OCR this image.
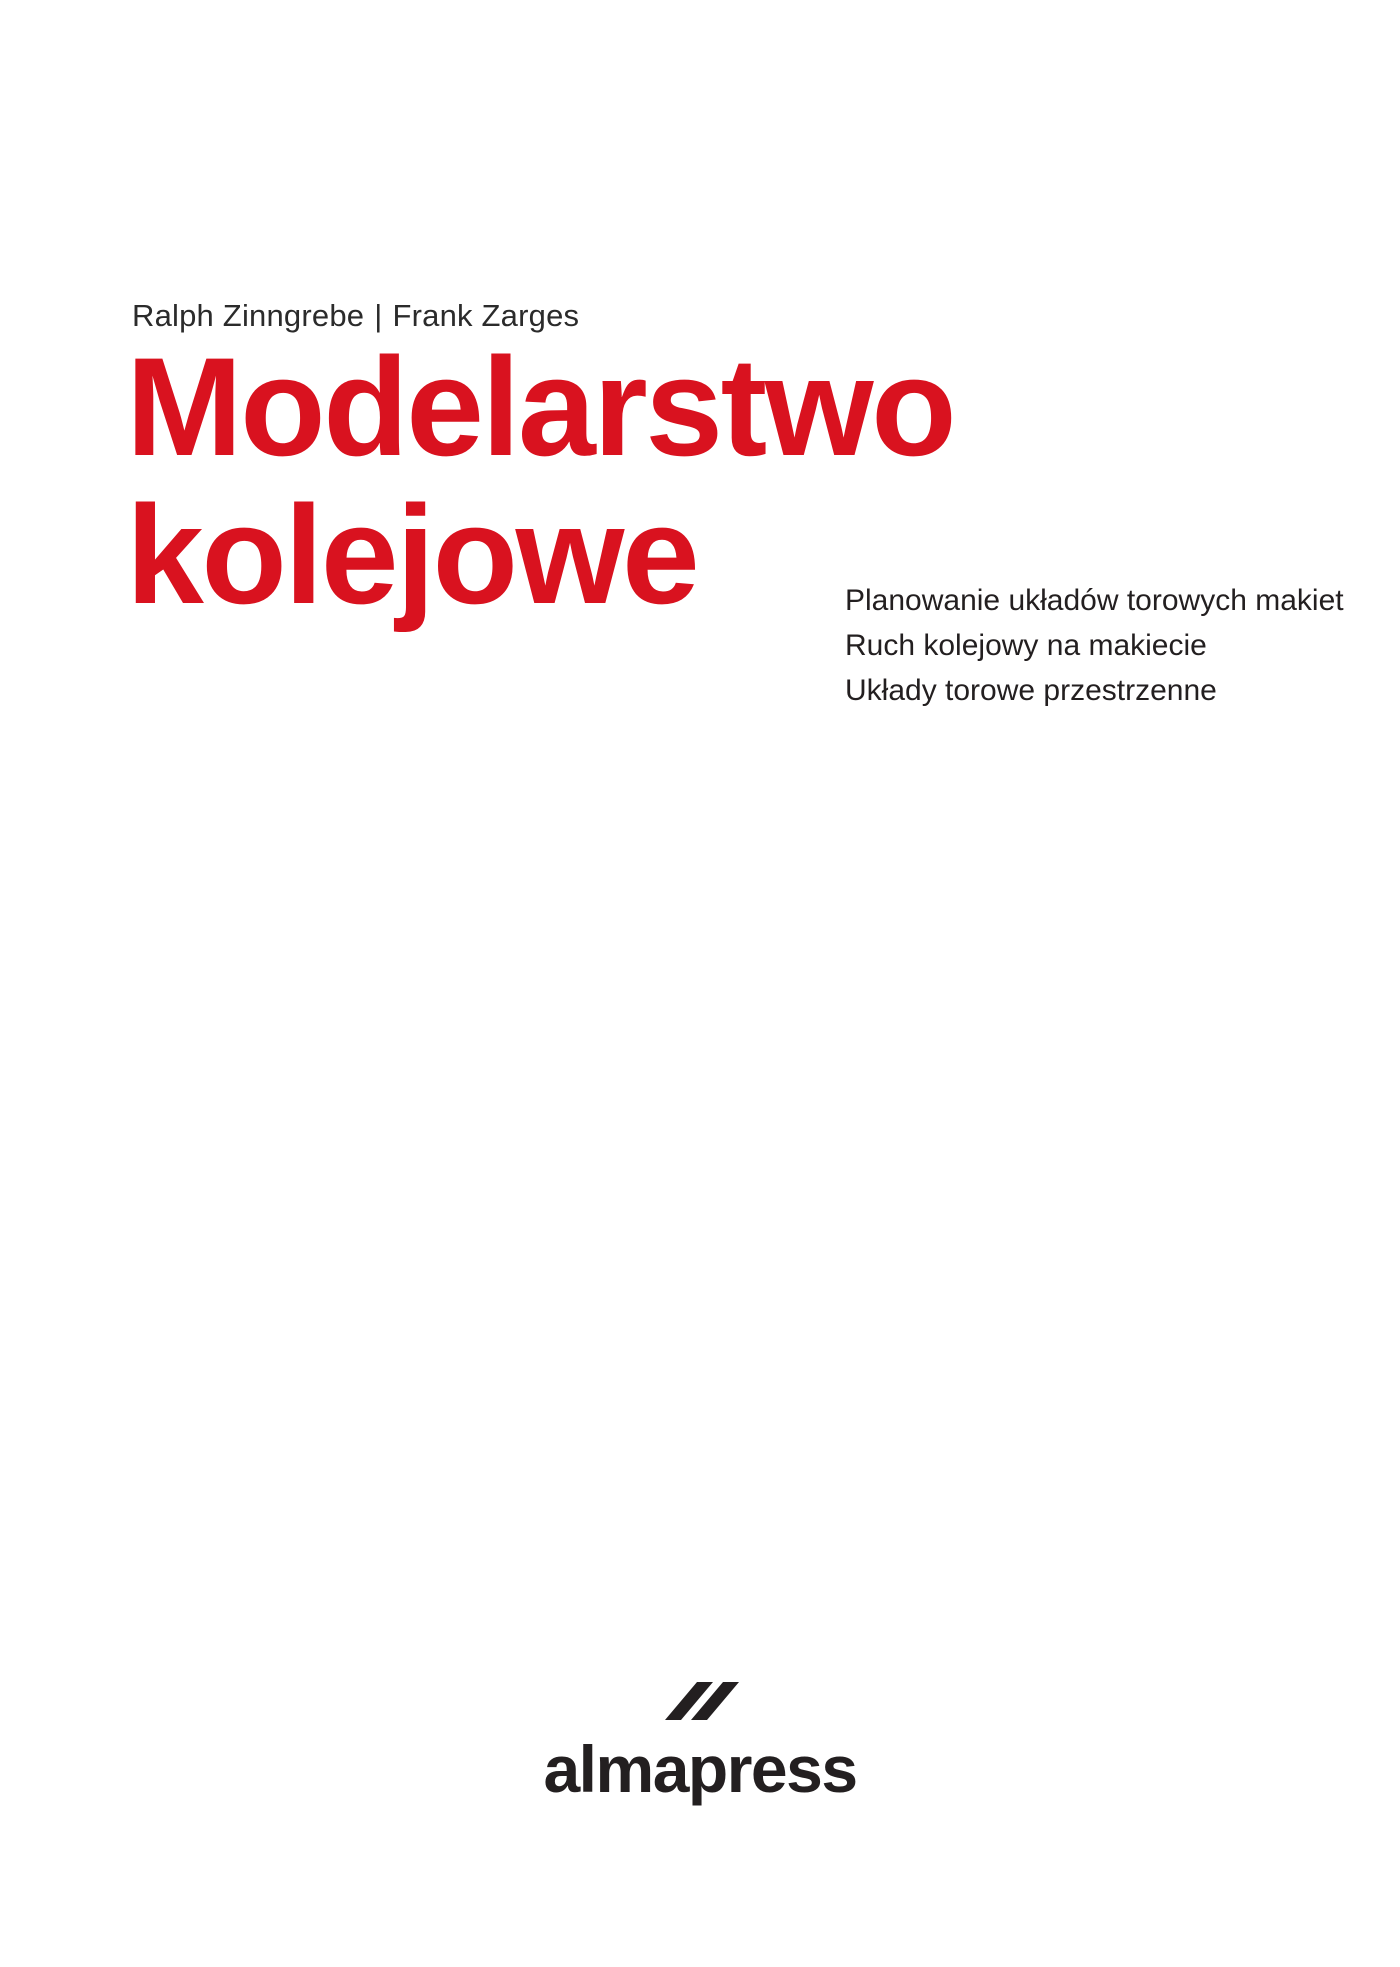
Ralph Zinngrebe | Frank Zarges
Modelarstwo
kolejowe	Planowanie układów torowych makiet
Ruch kolejowy na makiecie
Układy torowe przestrzenne
almapress
